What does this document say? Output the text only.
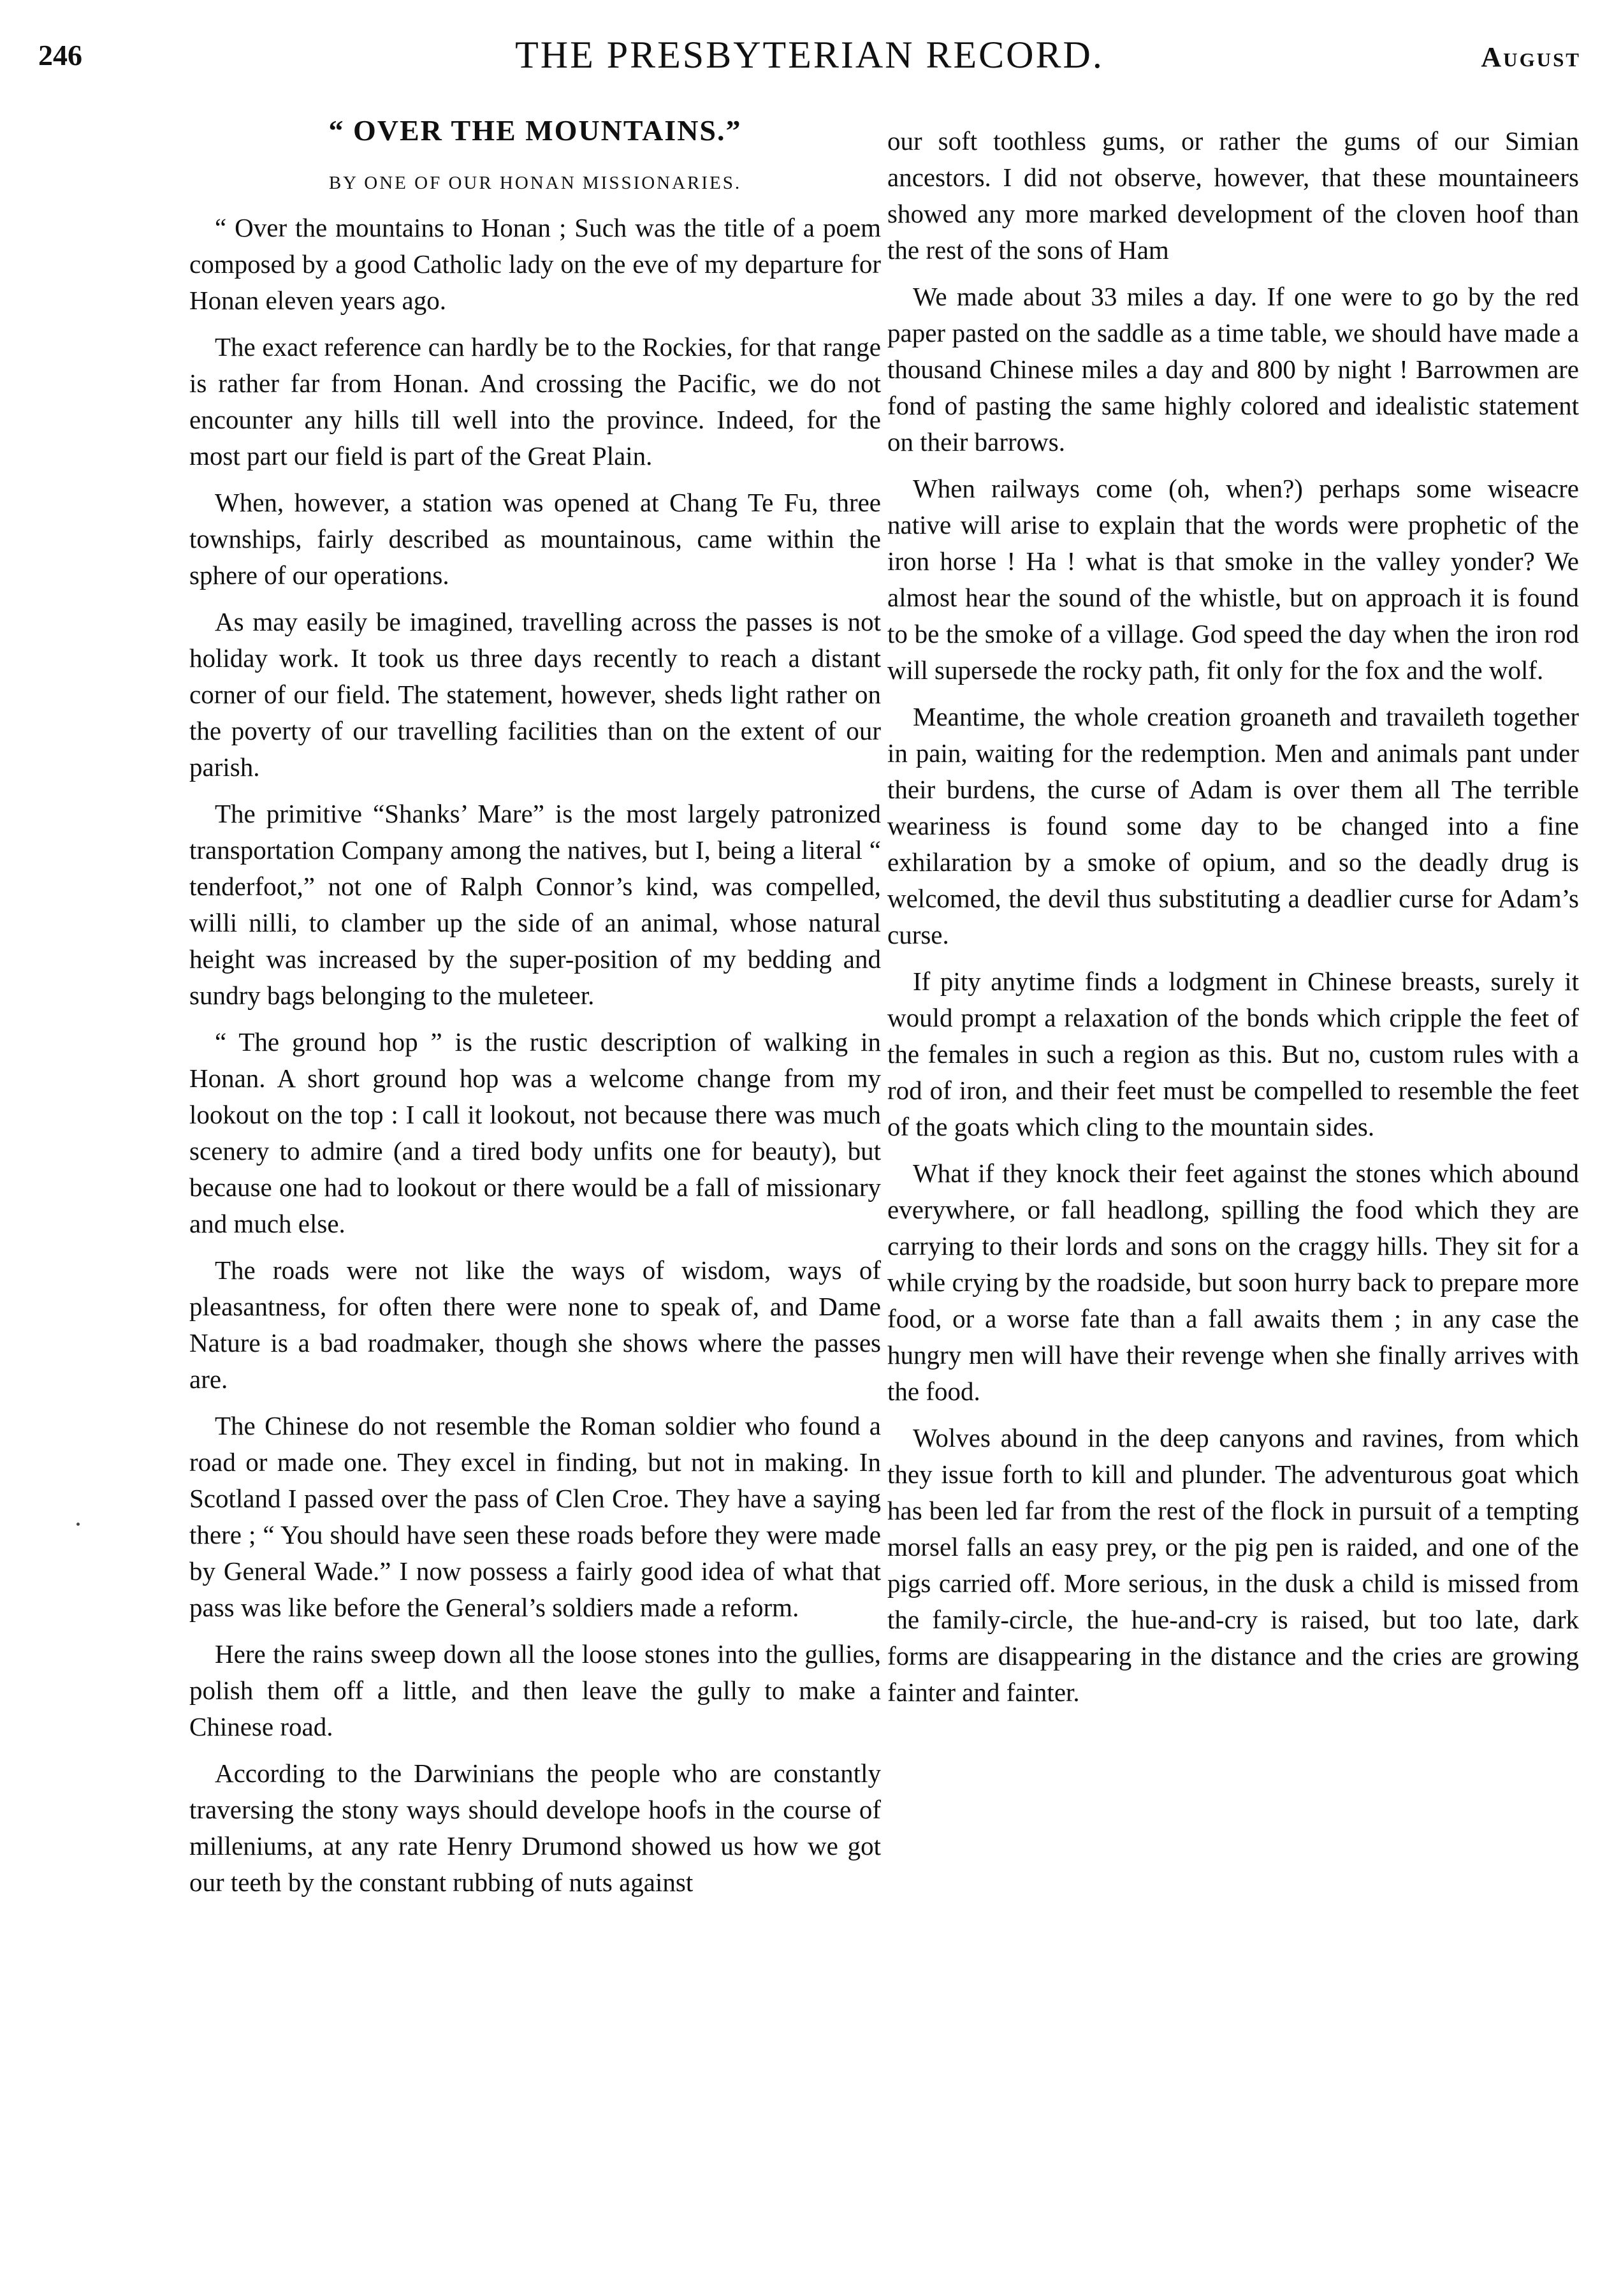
246	THE PRESBYTERIAN RECORD.	August
“ OVER THE MOUNTAINS.”
BY ONE OF OUR HONAN MISSIONARIES.

“ Over the mountains to Honan ; Such was the title of a poem composed by a good Catholic lady on the eve of my departure for Honan eleven years ago.

The exact reference can hardly be to the Rockies, for that range is rather far from Honan. And crossing the Pacific, we do not encounter any hills till well into the province. Indeed, for the most part our field is part of the Great Plain.

When, however, a station was opened at Chang Te Fu, three townships, fairly described as mountainous, came within the sphere of our operations.

As may easily be imagined, travelling across the passes is not holiday work. It took us three days recently to reach a distant corner of our field. The statement, however, sheds light rather on the poverty of our travelling facilities than on the extent of our parish.

The primitive “Shanks’ Mare” is the most largely patronized transportation Company among the natives, but I, being a literal “ tenderfoot,” not one of Ralph Connor’s kind, was compelled, willi nilli, to clamber up the side of an animal, whose natural height was increased by the super-position of my bedding and sundry bags belonging to the muleteer.

“ The ground hop ” is the rustic description of walking in Honan. A short ground hop was a welcome change from my lookout on the top : I call it lookout, not because there was much scenery to admire (and a tired body unfits one for beauty), but because one had to lookout or there would be a fall of missionary and much else.

The roads were not like the ways of wisdom, ways of pleasantness, for often there were none to speak of, and Dame Nature is a bad roadmaker, though she shows where the passes are.

The Chinese do not resemble the Roman soldier who found a road or made one. They excel in finding, but not in making. In Scotland I passed over the pass of Clen Croe. They have a saying there ; “ You should have seen these roads before they were made by General Wade.” I now possess a fairly good idea of what that pass was like before the General’s soldiers made a reform.

Here the rains sweep down all the loose stones into the gullies, polish them off a little, and then leave the gully to make a Chinese road.

According to the Darwinians the people who are constantly traversing the stony ways should develope hoofs in the course of milleniums, at any rate Henry Drumond showed us how we got our teeth by the constant rubbing of nuts against

our soft toothless gums, or rather the gums of our Simian ancestors. I did not observe, however, that these mountaineers showed any more marked development of the cloven hoof than the rest of the sons of Ham

We made about 33 miles a day. If one were to go by the red paper pasted on the saddle as a time table, we should have made a thousand Chinese miles a day and 800 by night ! Barrowmen are fond of pasting the same highly colored and idealistic statement on their barrows.

When railways come (oh, when?) perhaps some wiseacre native will arise to explain that the words were prophetic of the iron horse ! Ha ! what is that smoke in the valley yonder? We almost hear the sound of the whistle, but on approach it is found to be the smoke of a village. God speed the day when the iron rod will supersede the rocky path, fit only for the fox and the wolf.

Meantime, the whole creation groaneth and travaileth together in pain, waiting for the redemption. Men and animals pant under their burdens, the curse of Adam is over them all The terrible weariness is found some day to be changed into a fine exhilaration by a smoke of opium, and so the deadly drug is welcomed, the devil thus substituting a deadlier curse for Adam’s curse.

If pity anytime finds a lodgment in Chinese breasts, surely it would prompt a relaxation of the bonds which cripple the feet of the females in such a region as this. But no, custom rules with a rod of iron, and their feet must be compelled to resemble the feet of the goats which cling to the mountain sides.

What if they knock their feet against the stones which abound everywhere, or fall headlong, spilling the food which they are carrying to their lords and sons on the craggy hills. They sit for a while crying by the roadside, but soon hurry back to prepare more food, or a worse fate than a fall awaits them ; in any case the hungry men will have their revenge when she finally arrives with the food.

Wolves abound in the deep canyons and ravines, from which they issue forth to kill and plunder. The adventurous goat which has been led far from the rest of the flock in pursuit of a tempting morsel falls an easy prey, or the pig pen is raided, and one of the pigs carried off. More serious, in the dusk a child is missed from the family-circle, the hue-and-cry is raised, but too late, dark forms are disappearing in the distance and the cries are growing fainter and fainter.
